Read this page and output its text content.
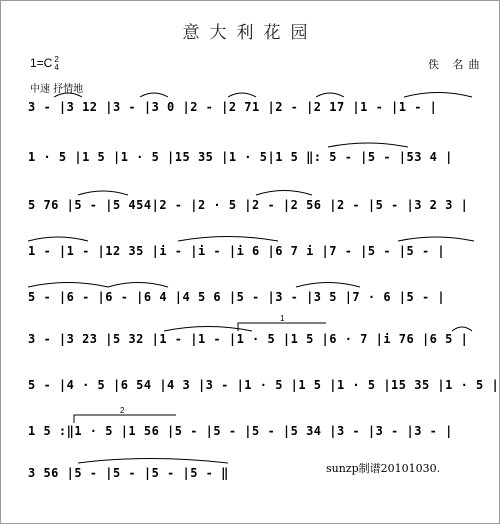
意大利花园
1=C 2
4	佚 名曲
中速 抒情地
3 - |3 12 |3 - |3 0 |2 - |2 71 |2 - |2 17 |1 - |1 - |
1 · 5 |1 5 |1 · 5 |15 35 |1 · 5|1 5 ‖: 5 - |5 - |53 4 |
5 76 |5 - |5 454|2 - |2 · 5 |2 - |2 56 |2 - |5 - |3 2 3 |
1 - |1 - |12 35 |i - |i - |i 6 |6 7 i |7 - |5 - |5 - |
5 - |6 - |6 - |6 4 |4 5 6 |5 - |3 - |3 5 |7 · 6 |5 - |
1
3 - |3 23 |5 32 |1 - |1 - |1 · 5 |1 5 |6 · 7 |i 76 |6 5 |
5 - |4 · 5 |6 54 |4 3 |3 - |1 · 5 |1 5 |1 · 5 |15 35 |1 · 5 |
2
1 5 :‖1 · 5 |1 56 |5 - |5 - |5 - |5 34 |3 - |3 - |3 - |
3 56 |5 - |5 - |5 - |5 - ‖	sunzp制谱20101030.
